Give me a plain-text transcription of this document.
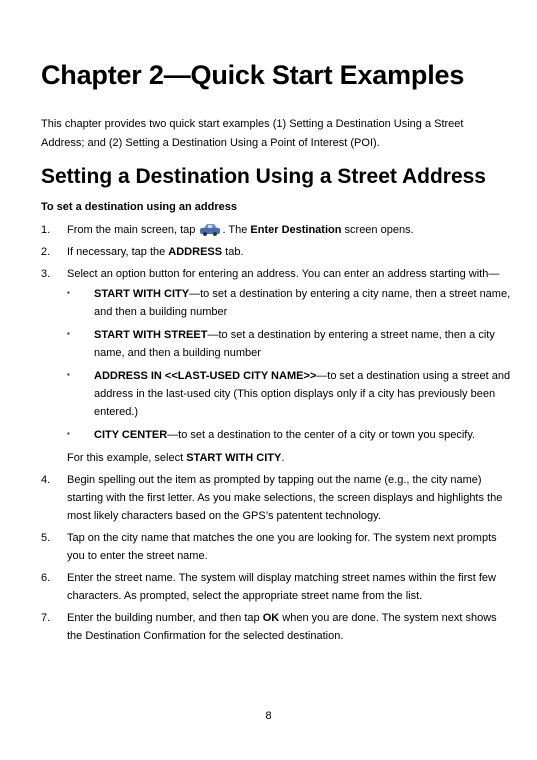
Chapter 2—Quick Start Examples

This chapter provides two quick start examples (1) Setting a Destination Using a Street Address; and (2) Setting a Destination Using a Point of Interest (POI).

Setting a Destination Using a Street Address

To set a destination using an address

1. From the main screen, tap . The Enter Destination screen opens.
2. If necessary, tap the ADDRESS tab.
3. Select an option button for entering an address. You can enter an address starting with—
▪ START WITH CITY—to set a destination by entering a city name, then a street name, and then a building number
▪ START WITH STREET—to set a destination by entering a street name, then a city name, and then a building number
▪ ADDRESS IN <<LAST-USED CITY NAME>>—to set a destination using a street and address in the last-used city (This option displays only if a city has previously been entered.)
▪ CITY CENTER—to set a destination to the center of a city or town you specify.
For this example, select START WITH CITY.
4. Begin spelling out the item as prompted by tapping out the name (e.g., the city name) starting with the first letter. As you make selections, the screen displays and highlights the most likely characters based on the GPS’s patentent technology.
5. Tap on the city name that matches the one you are looking for. The system next prompts you to enter the street name.
6. Enter the street name. The system will display matching street names within the first few characters. As prompted, select the appropriate street name from the list.
7. Enter the building number, and then tap OK when you are done. The system next shows the Destination Confirmation for the selected destination.
8
